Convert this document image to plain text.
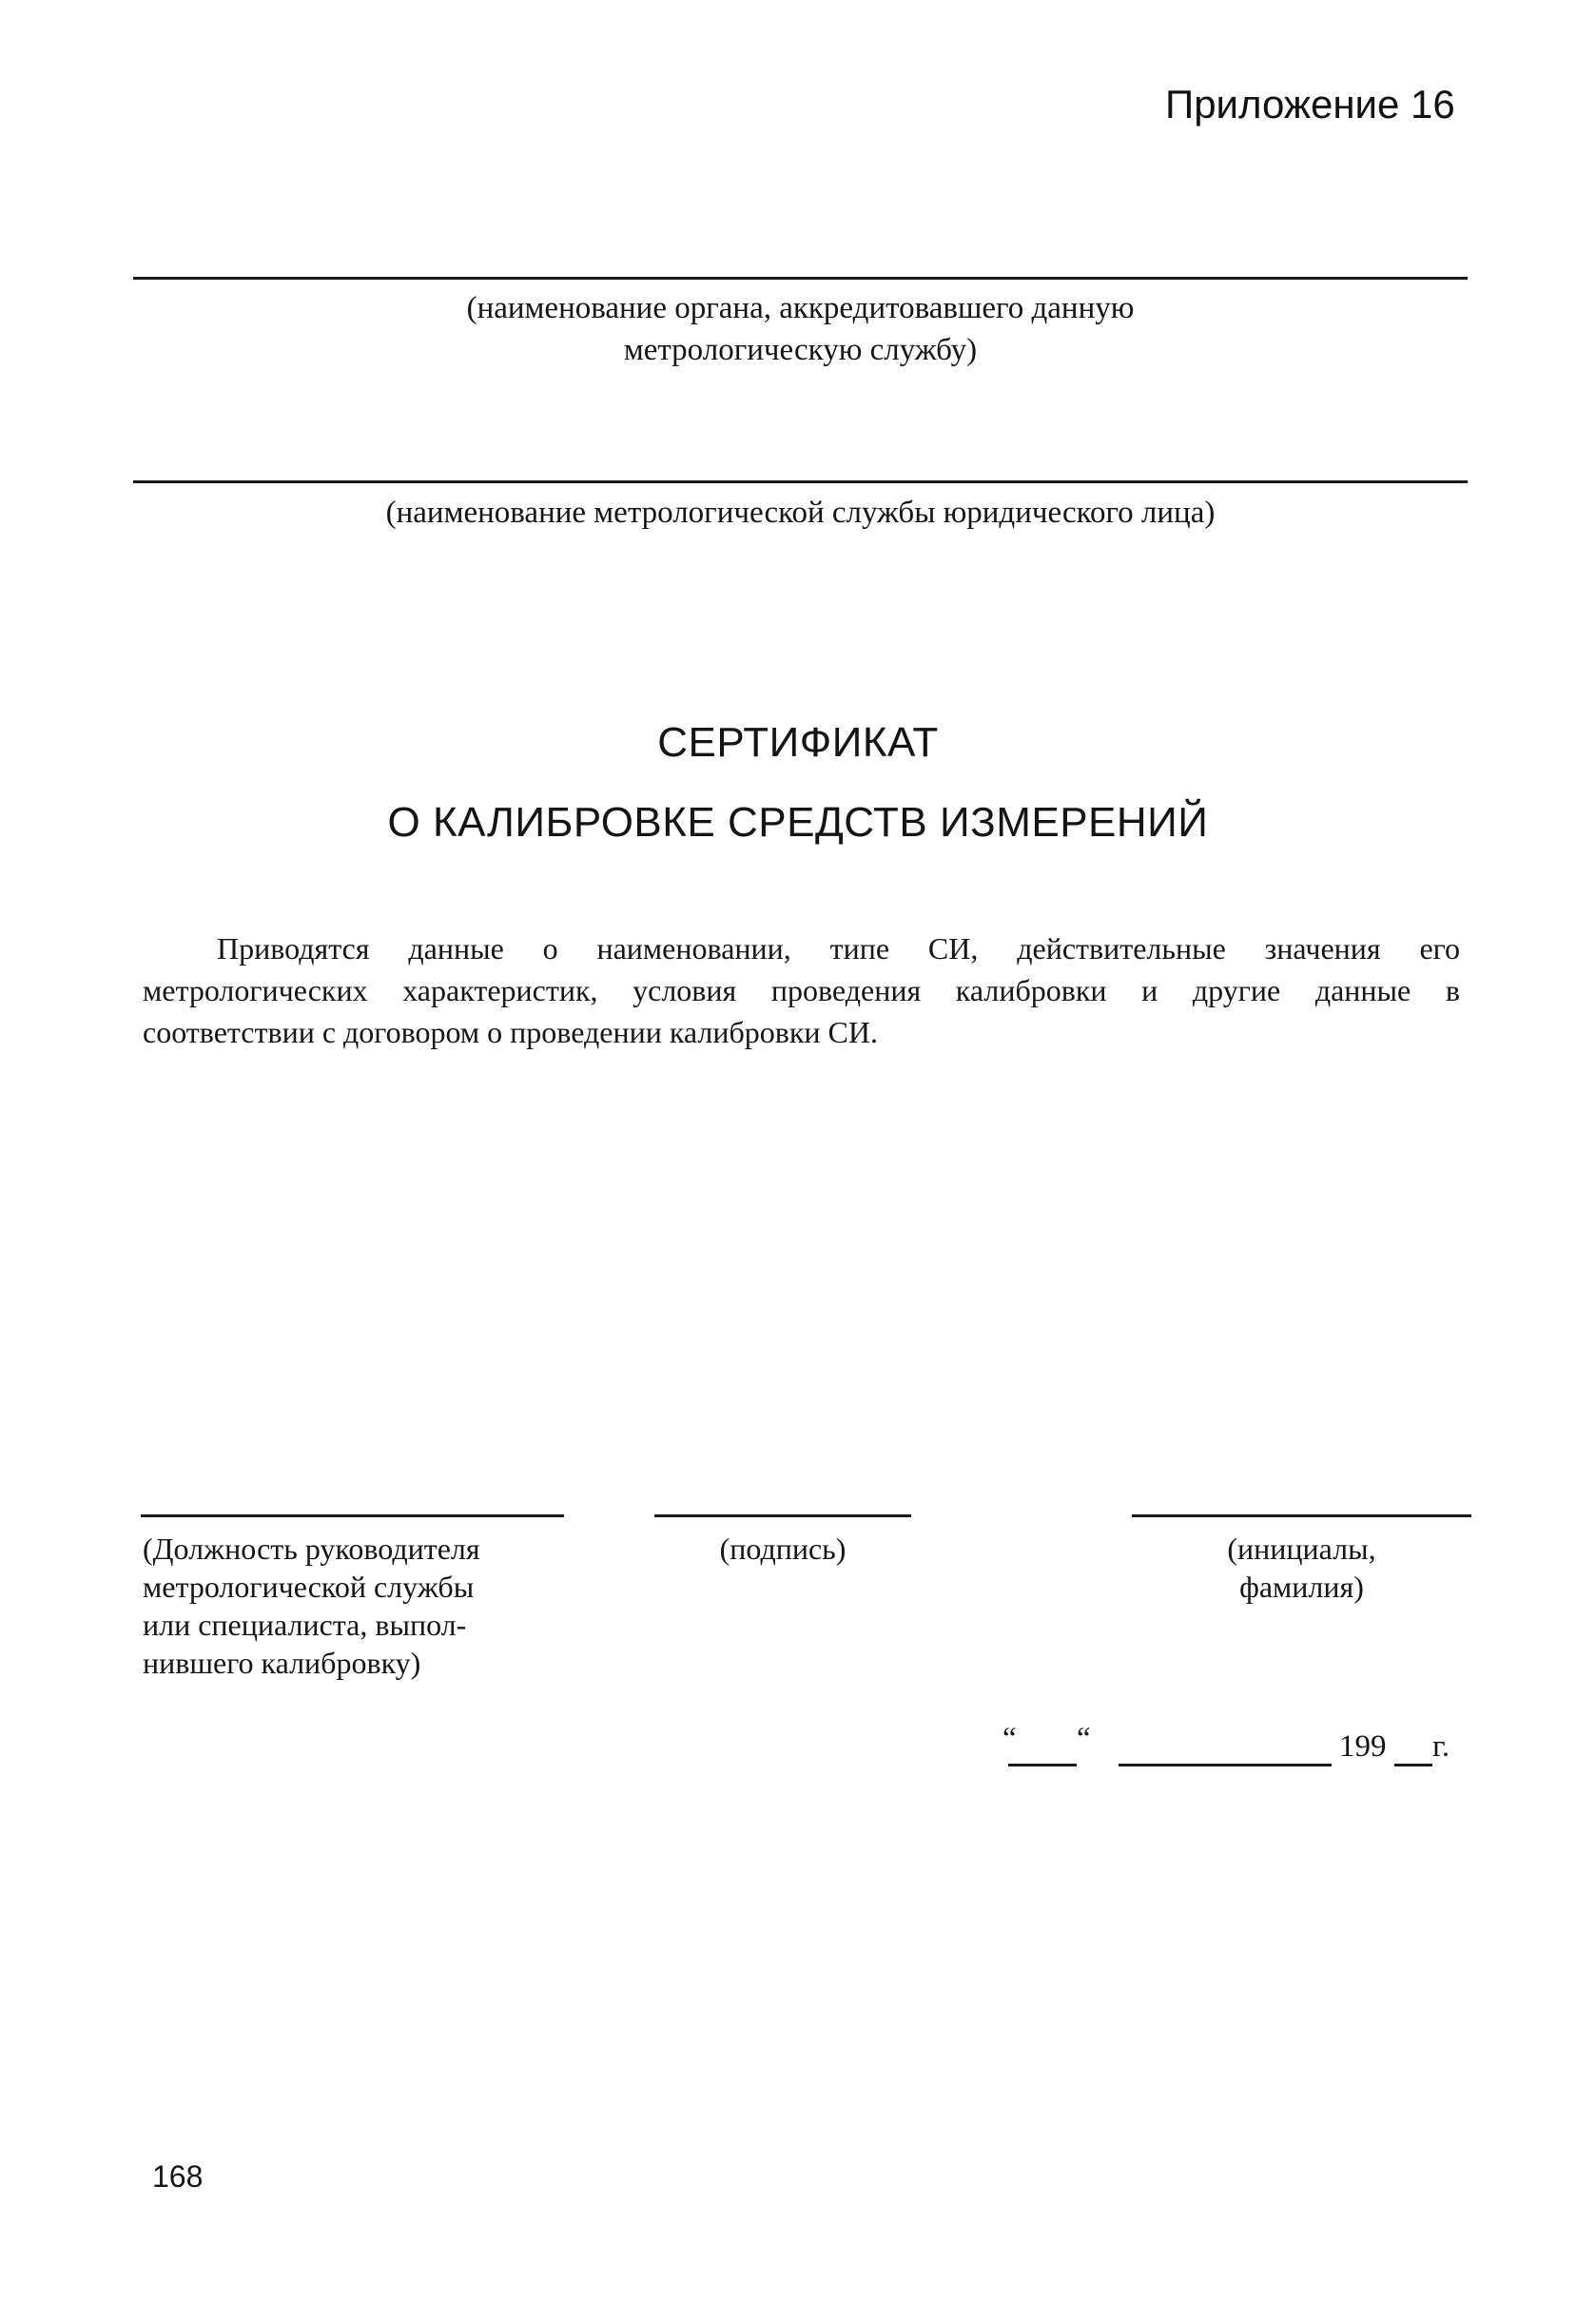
Приложение 16
(наименование органа, аккредитовавшего данную
метрологическую службу)
(наименование метрологической службы юридического лица)
СЕРТИФИКАТ
О КАЛИБРОВКЕ СРЕДСТВ ИЗМЕРЕНИЙ
Приводятся данные о наименовании, типе СИ, действительные значения его
метрологических характеристик, условия проведения калибровки и другие данные в
соответствии с договором о проведении калибровки СИ.
(Должность руководителя
метрологической службы
или специалиста, выпол-
нившего калибровку)
(подпись)	(инициалы,
фамилия)
“ “	199 г.
168
